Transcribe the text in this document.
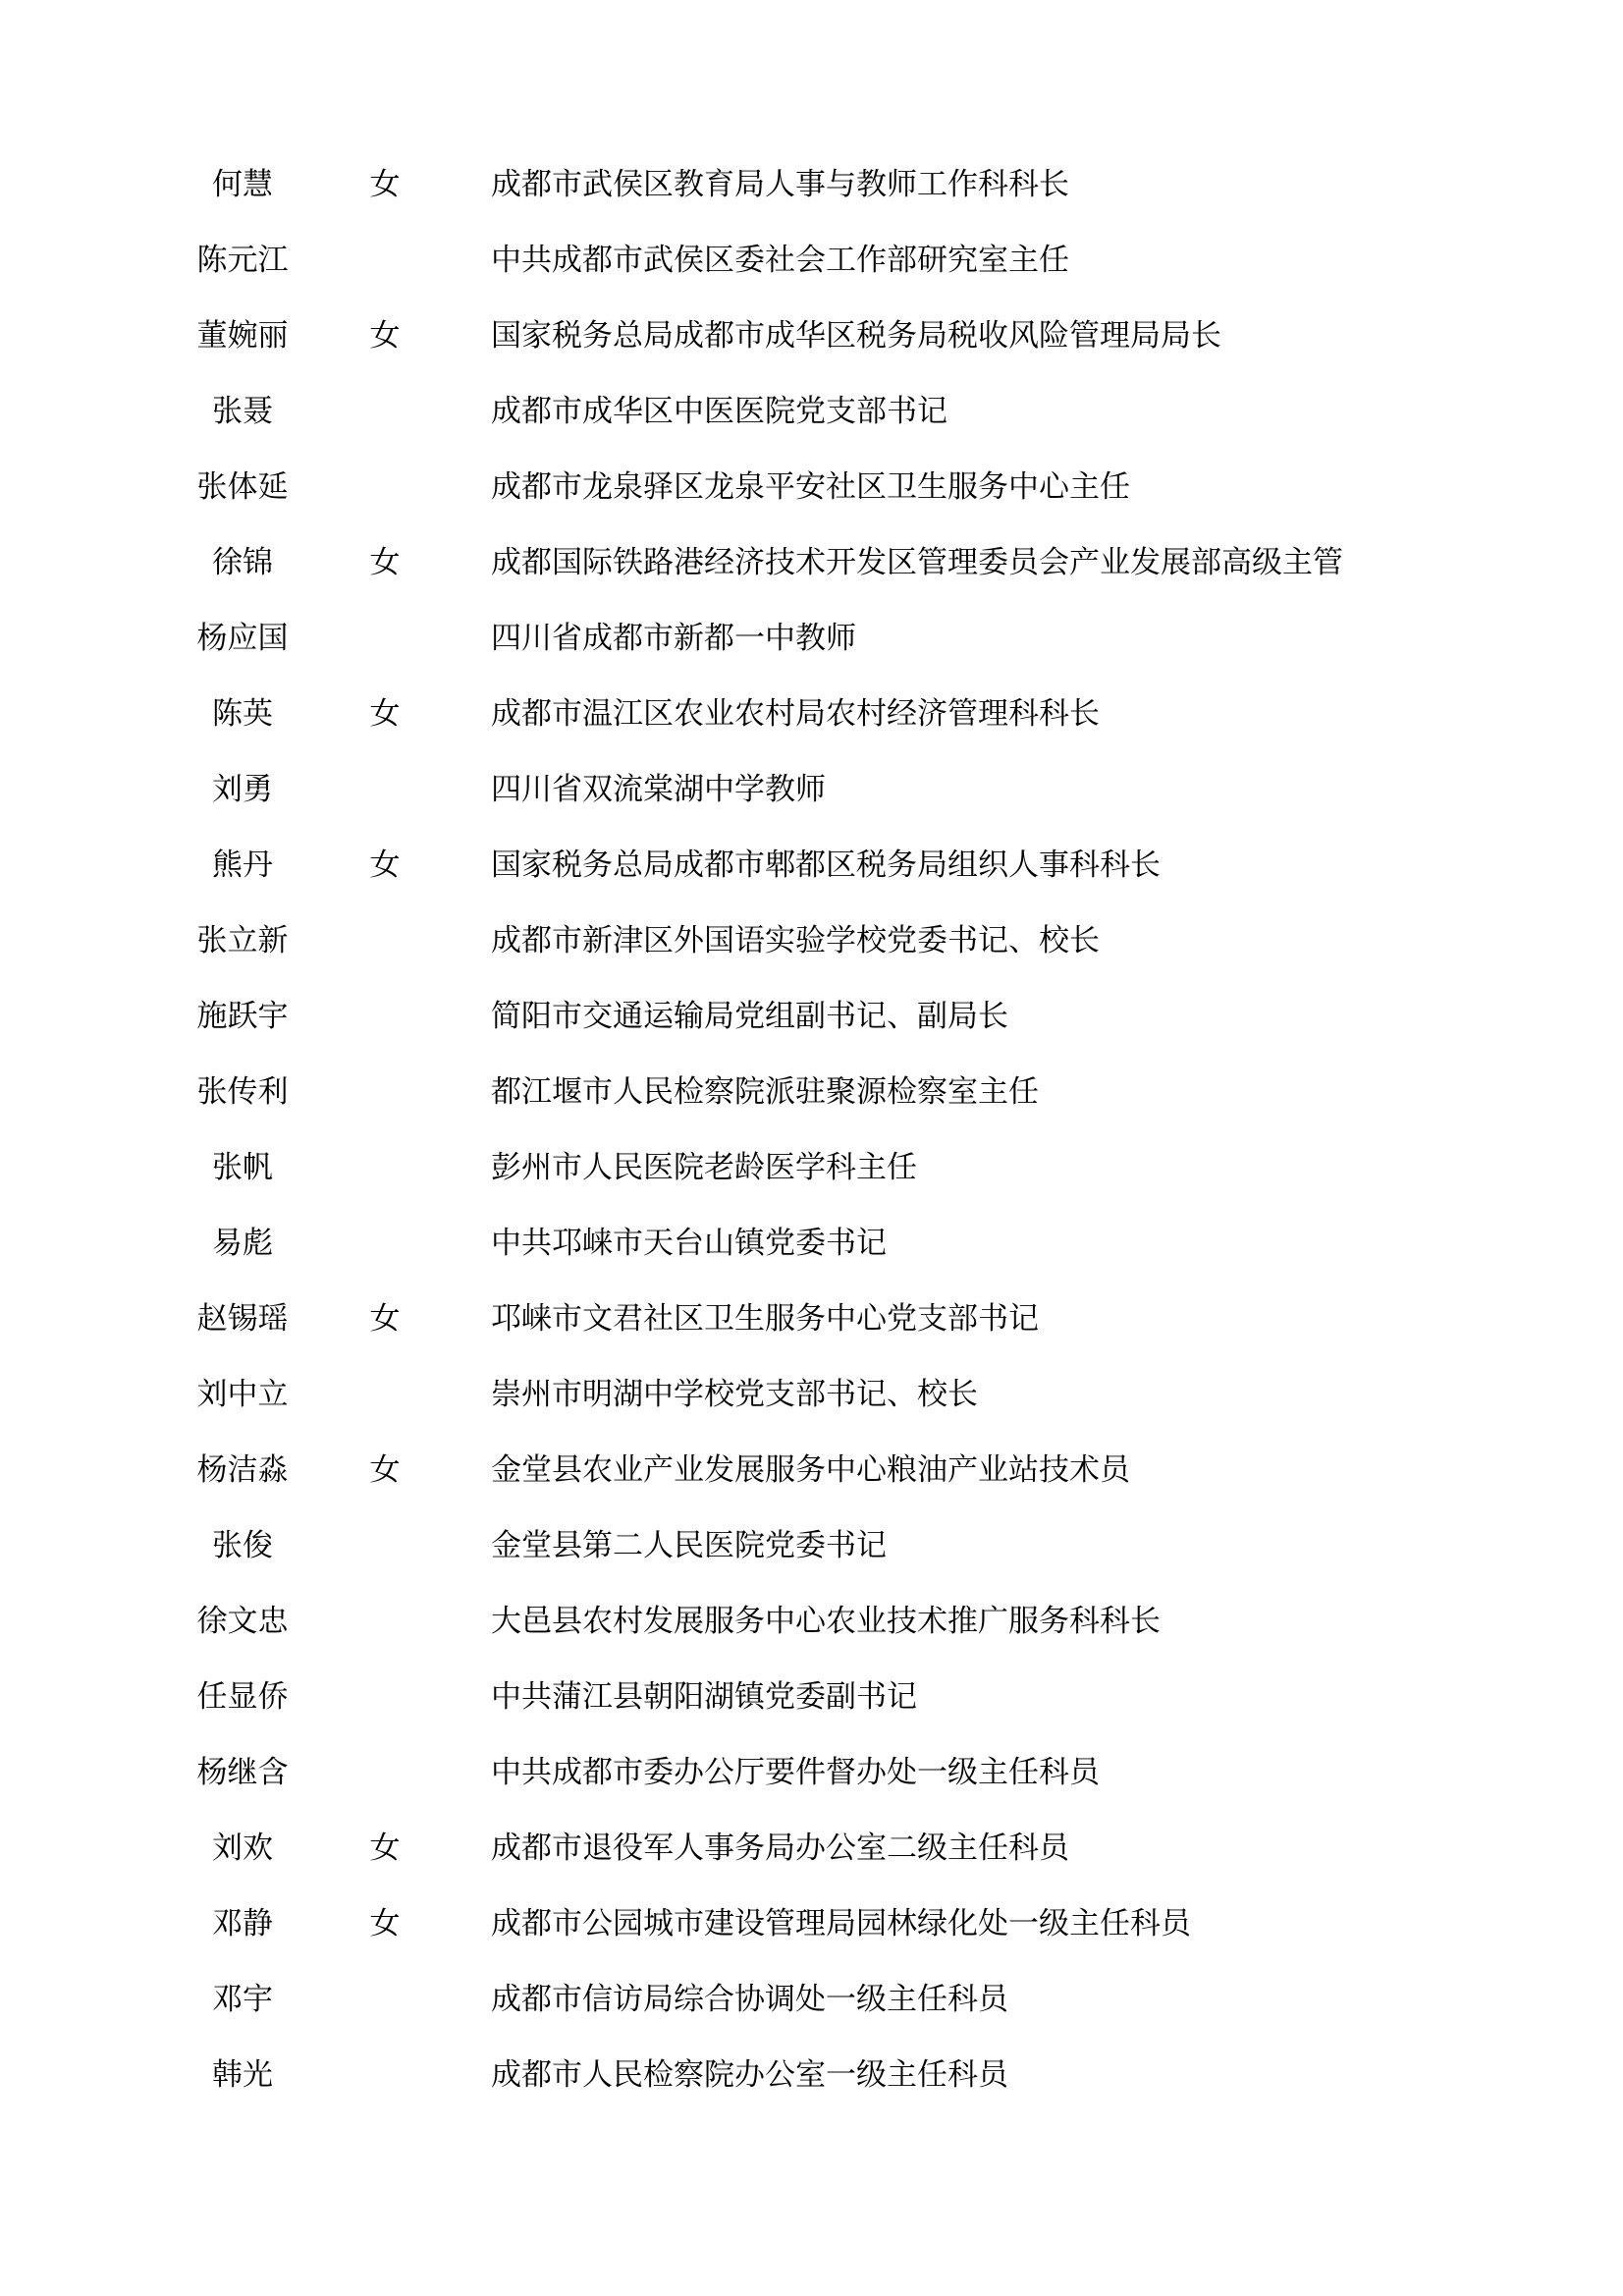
何慧	女	成都市武侯区教育局人事与教师工作科科长
陈元江	中共成都市武侯区委社会工作部研究室主任
董婉丽	女	国家税务总局成都市成华区税务局税收风险管理局局长
张聂	成都市成华区中医医院党支部书记
张体延	成都市龙泉驿区龙泉平安社区卫生服务中心主任
徐锦	女	成都国际铁路港经济技术开发区管理委员会产业发展部高级主管
杨应国	四川省成都市新都一中教师
陈英	女	成都市温江区农业农村局农村经济管理科科长
刘勇	四川省双流棠湖中学教师
熊丹	女	国家税务总局成都市郫都区税务局组织人事科科长
张立新	成都市新津区外国语实验学校党委书记、校长
施跃宇	简阳市交通运输局党组副书记、副局长
张传利	都江堰市人民检察院派驻聚源检察室主任
张帆	彭州市人民医院老龄医学科主任
易彪	中共邛崃市天台山镇党委书记
赵锡瑶	女	邛崃市文君社区卫生服务中心党支部书记
刘中立	崇州市明湖中学校党支部书记、校长
杨洁淼	女	金堂县农业产业发展服务中心粮油产业站技术员
张俊	金堂县第二人民医院党委书记
徐文忠	大邑县农村发展服务中心农业技术推广服务科科长
任显侨	中共蒲江县朝阳湖镇党委副书记
杨继含	中共成都市委办公厅要件督办处一级主任科员
刘欢	女	成都市退役军人事务局办公室二级主任科员
邓静	女	成都市公园城市建设管理局园林绿化处一级主任科员
邓宇	成都市信访局综合协调处一级主任科员
韩光	成都市人民检察院办公室一级主任科员
